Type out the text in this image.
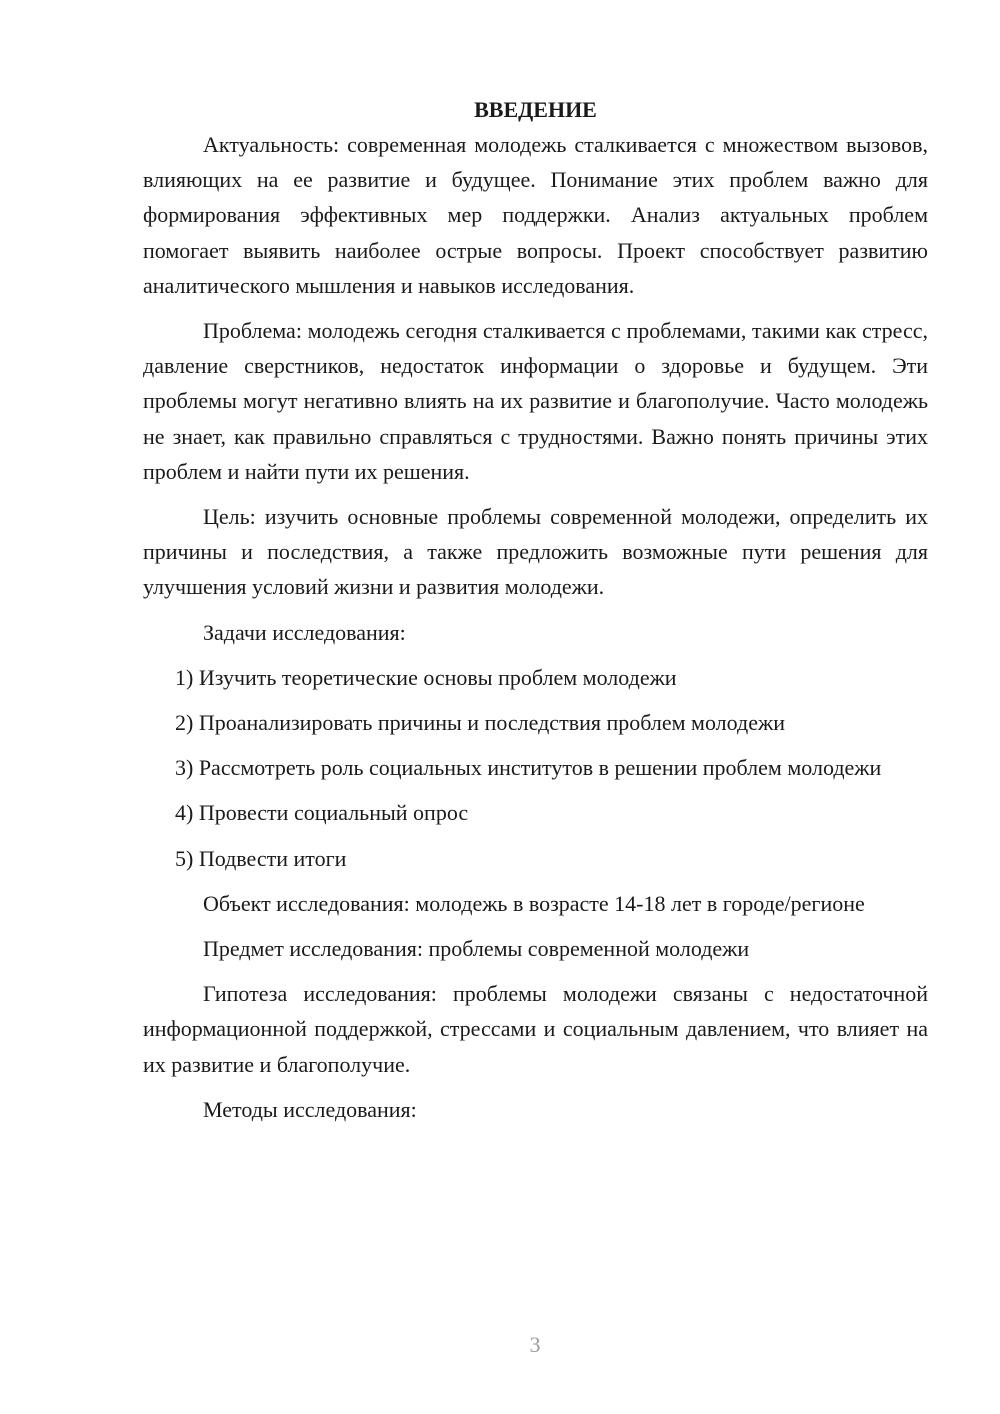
ВВЕДЕНИЕ

Актуальность: современная молодежь сталкивается с множеством вызовов, влияющих на ее развитие и будущее. Понимание этих проблем важно для формирования эффективных мер поддержки. Анализ актуальных проблем помогает выявить наиболее острые вопросы. Проект способствует развитию аналитического мышления и навыков исследования.

Проблема: молодежь сегодня сталкивается с проблемами, такими как стресс, давление сверстников, недостаток информации о здоровье и будущем. Эти проблемы могут негативно влиять на их развитие и благополучие. Часто молодежь не знает, как правильно справляться с трудностями. Важно понять причины этих проблем и найти пути их решения.

Цель: изучить основные проблемы современной молодежи, определить их причины и последствия, а также предложить возможные пути решения для улучшения условий жизни и развития молодежи.

Задачи исследования:

1) Изучить теоретические основы проблем молодежи

2) Проанализировать причины и последствия проблем молодежи

3) Рассмотреть роль социальных институтов в решении проблем молодежи

4) Провести социальный опрос

5) Подвести итоги

Объект исследования: молодежь в возрасте 14-18 лет в городе/регионе

Предмет исследования: проблемы современной молодежи

Гипотеза исследования: проблемы молодежи связаны с недостаточной информационной поддержкой, стрессами и социальным давлением, что влияет на их развитие и благополучие.

Методы исследования:

3
